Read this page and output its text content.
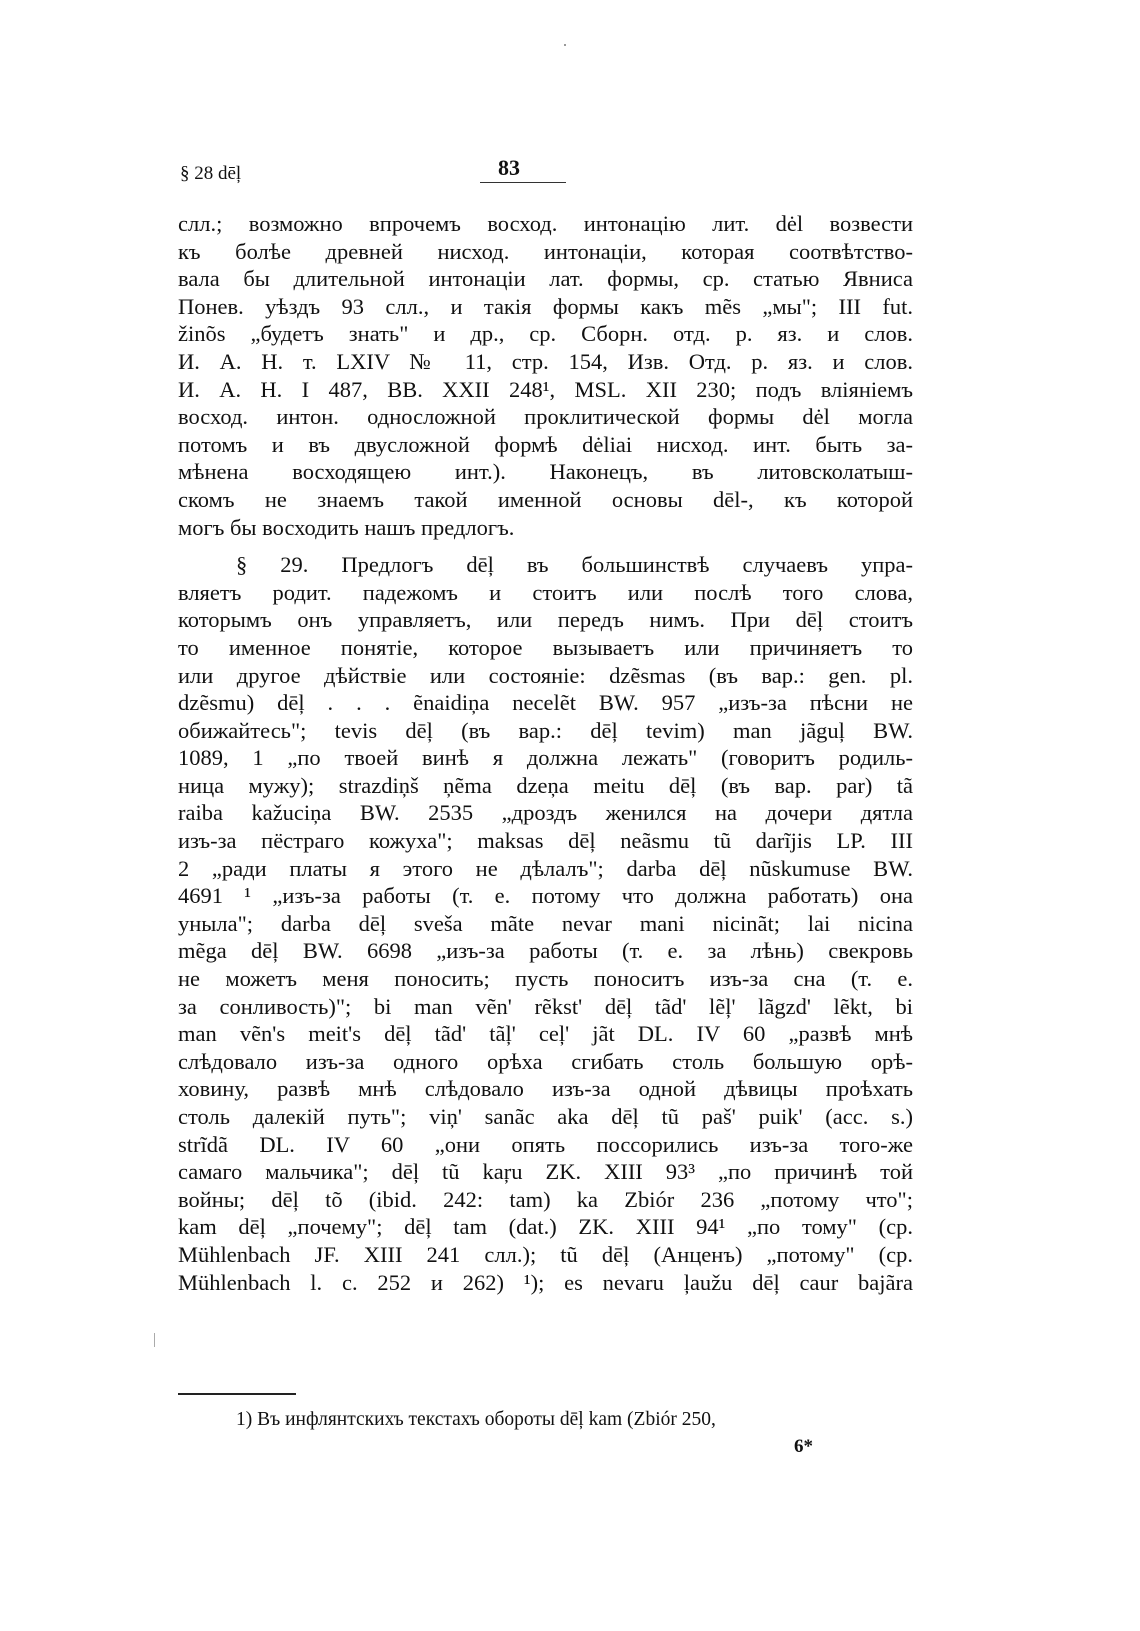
§ 28 dēļ	83

слл.; возможно впрочемъ восход. интонацію лит. dėl возвести
къ болѣе древней нисход. интонаціи, которая соотвѣтство-
вала бы длительной интонаціи лат. формы, ср. статью Явниса
Понев. уѣздъ 93 слл., и такія формы какъ mẽs „мы"; III fut.
žinõs „будетъ знать" и др., ср. Сборн. отд. р. яз. и слов.
И. А. Н. т. LXIV № 11, стр. 154, Изв. Отд. р. яз. и слов.
И. А. Н. I 487, BB. XXII 248¹, MSL. XII 230; подъ вліяніемъ
восход. интон. односложной проклитической формы dėl могла
потомъ и въ двусложной формѣ dėliai нисход. инт. быть за-
мѣнена восходящею инт.). Наконецъ, въ литовсколатыш-
скомъ не знаемъ такой именной основы dēl-, къ которой
могъ бы восходить нашъ предлогъ.

§ 29. Предлогъ dēļ въ большинствѣ случаевъ упра-
вляетъ родит. падежомъ и стоитъ или послѣ того слова,
которымъ онъ управляетъ, или передъ нимъ. При dēļ стоитъ
то именное понятіе, которое вызываетъ или причиняетъ то
или другое дѣйствіе или состояніе: dzẽsmas (въ вар.: gen. pl.
dzẽsmu) dēļ . . . ẽnaidiņa necelẽt BW. 957 „изъ-за пѣсни не
обижайтесь"; tevis dēļ (въ вар.: dēļ tevim) man jãguļ BW.
1089, 1 „по твоей винѣ я должна лежать" (говоритъ родиль-
ница мужу); strazdiņš ņẽma dzeņa meitu dēļ (въ вар. par) tã
raiba kažuciņa BW. 2535 „дроздъ женился на дочери дятла
изъ-за пёстраго кожуха"; maksas dēļ neãsmu tũ darĩjis LP. III
2 „ради платы я этого не дѣлалъ"; darba dēļ nũskumuse BW.
4691 ¹ „изъ-за работы (т. е. потому что должна работать) она
уныла"; darba dēļ sveša mãte nevar mani nicinãt; lai nicina
mẽga dēļ BW. 6698 „изъ-за работы (т. е. за лѣнь) свекровь
не можетъ меня поносить; пусть поноситъ изъ-за сна (т. е.
за сонливость)"; bi man vẽn' rẽkst' dēļ tãd' lẽļ' lãgzd' lẽkt, bi
man vẽn's meit's dēļ tãd' tãļ' ceļ' jãt DL. IV 60 „развѣ мнѣ
слѣдовало изъ-за одного орѣха сгибать столь большую орѣ-
ховину, развѣ мнѣ слѣдовало изъ-за одной дѣвицы проѣхать
столь далекій путь"; viņ' sanãc aka dēļ tũ paš' puik' (acc. s.)
strĩdã DL. IV 60 „они опять поссорились изъ-за того-же
самаго мальчика"; dēļ tũ kaŗu ZK. XIII 93³ „по причинѣ той
войны; dēļ tõ (ibid. 242: tam) ka Zbiór 236 „потому что";
kam dēļ „почему"; dēļ tam (dat.) ZK. XIII 94¹ „по тому" (ср.
Mühlenbach JF. XIII 241 слл.); tũ dēļ (Анценъ) „потому" (ср.
Mühlenbach l. c. 252 и 262) ¹); es nevaru ļaužu dēļ caur bajãra

1) Въ инфлянтскихъ текстахъ обороты dēļ kam (Zbiór 250,
6*
